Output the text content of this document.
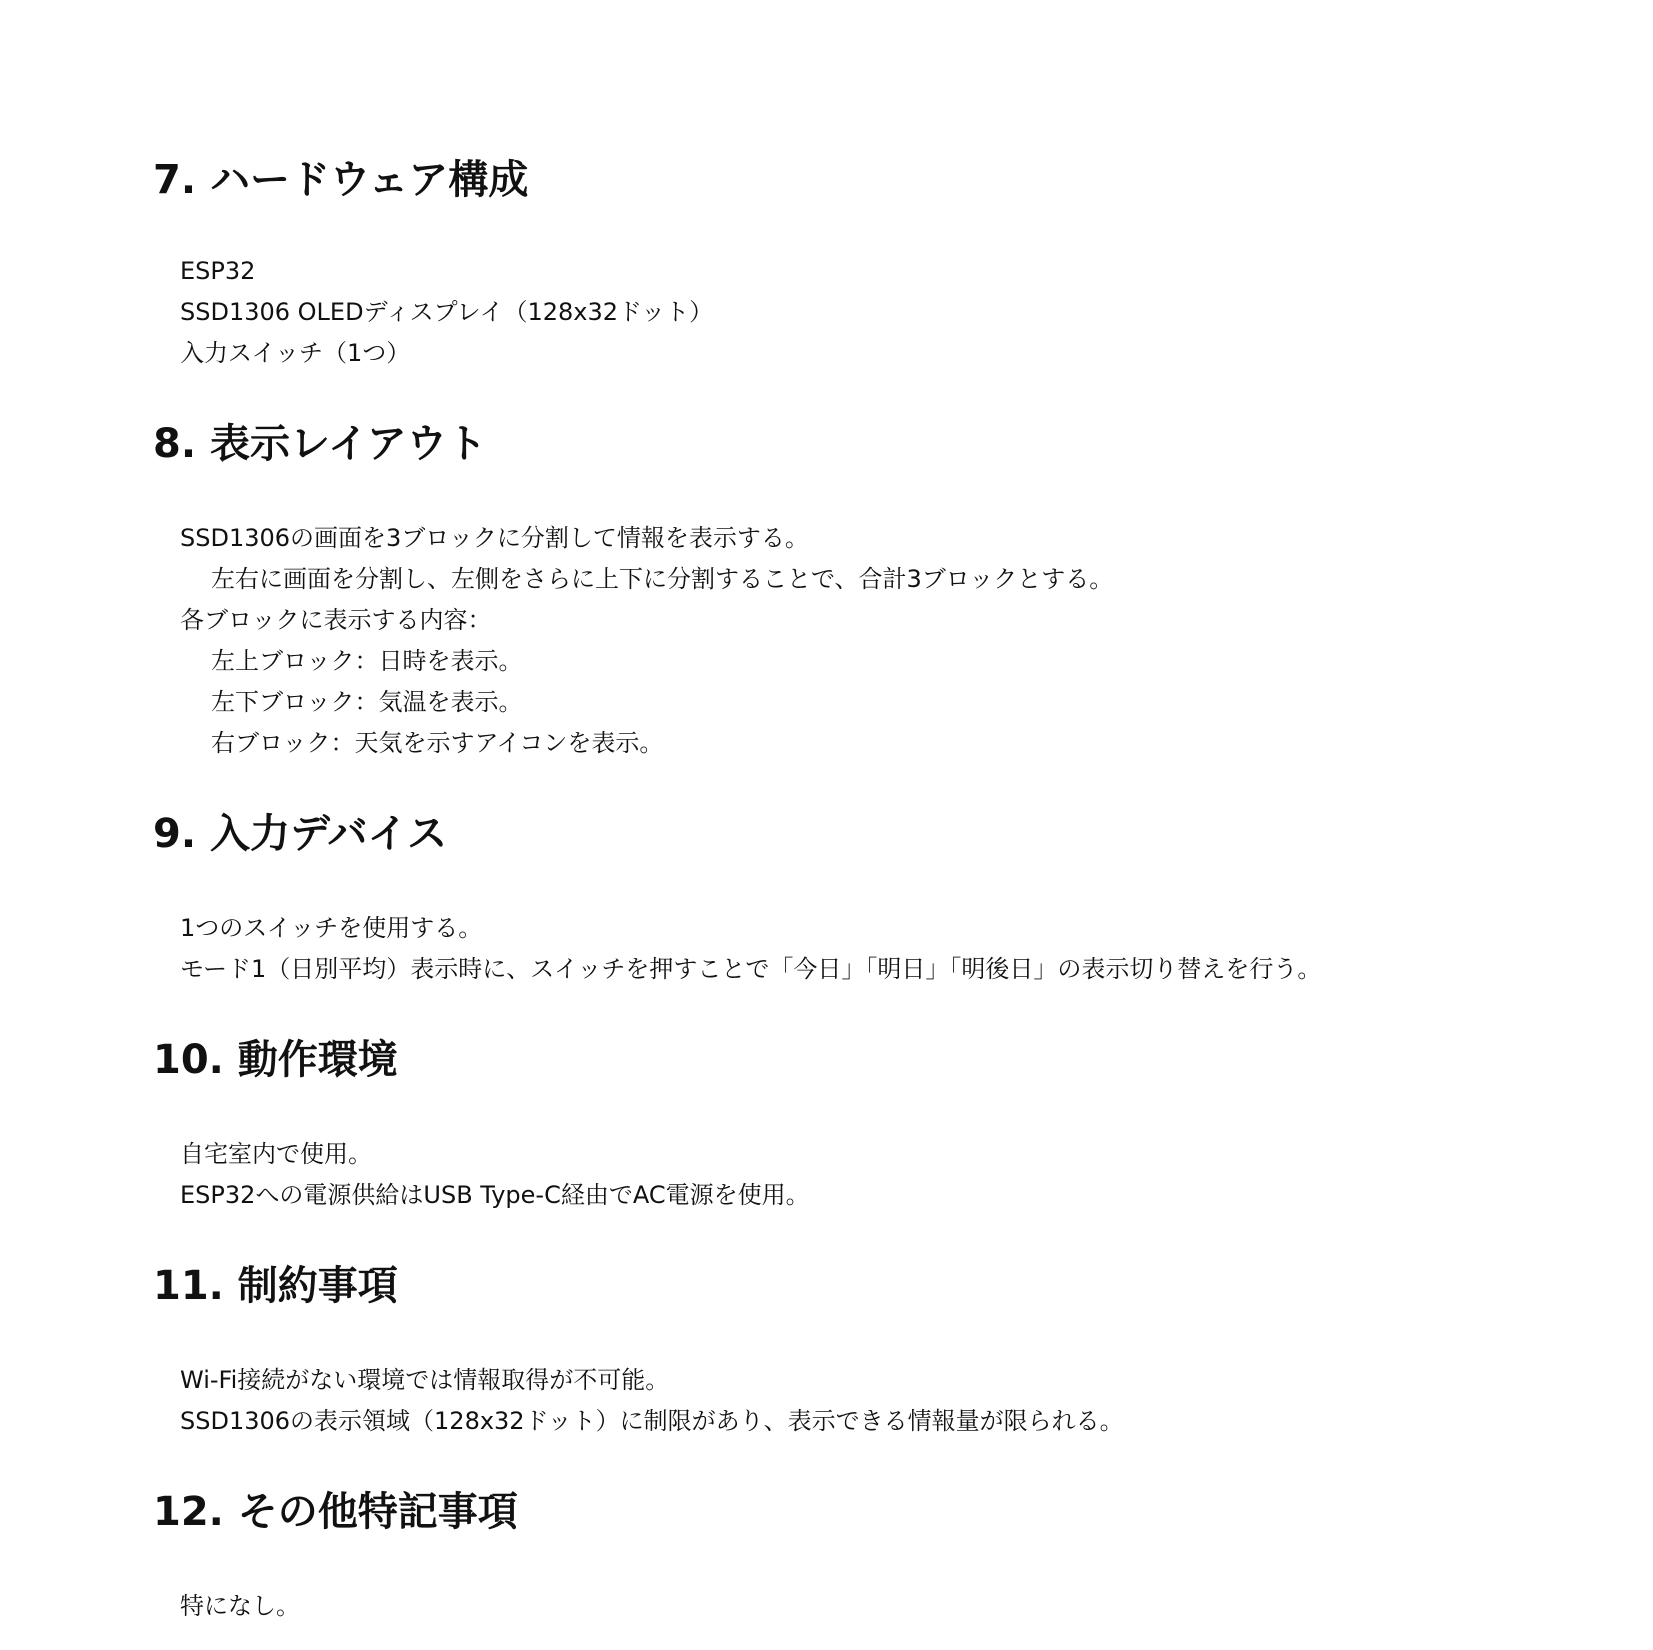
7. ハードウェア構成

ESP32

SSD1306 OLEDディスプレイ（128x32ドット）

入力スイッチ（1つ）

8. 表示レイアウト

SSD1306の画面を3ブロックに分割して情報を表示する。

左右に画面を分割し、左側をさらに上下に分割することで、合計3ブロックとする。

各ブロックに表示する内容：

左上ブロック：日時を表示。

左下ブロック：気温を表示。

右ブロック：天気を示すアイコンを表示。

9. 入力デバイス

1つのスイッチを使用する。

モード1（日別平均）表示時に、スイッチを押すことで「今日」「明日」「明後日」の表示切り替えを行う。

10. 動作環境

自宅室内で使用。

ESP32への電源供給はUSB Type-C経由でAC電源を使用。

11. 制約事項

Wi-Fi接続がない環境では情報取得が不可能。

SSD1306の表示領域（128x32ドット）に制限があり、表示できる情報量が限られる。

12. その他特記事項

特になし。
